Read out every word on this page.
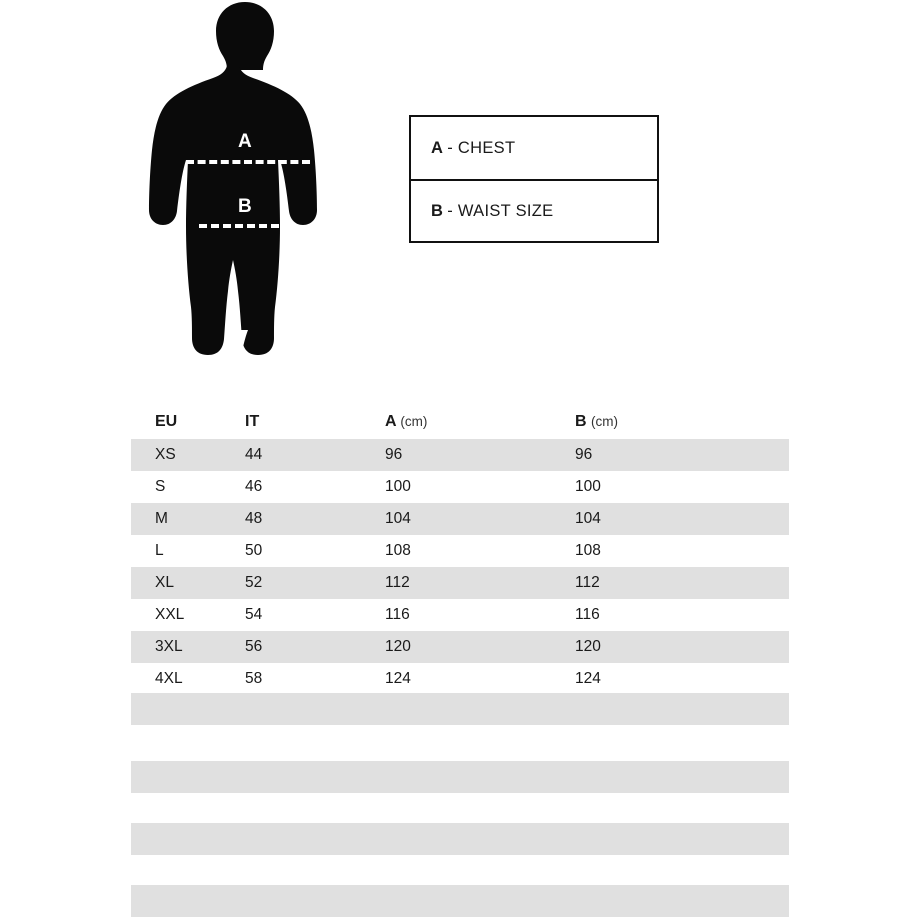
A
B
A - CHEST
B - WAIST SIZE
EU	IT	A (cm)	B (cm)
XS	44	96	96
S	46	100	100
M	48	104	104
L	50	108	108
XL	52	112	112
XXL	54	116	116
3XL	56	120	120
4XL	58	124	124
